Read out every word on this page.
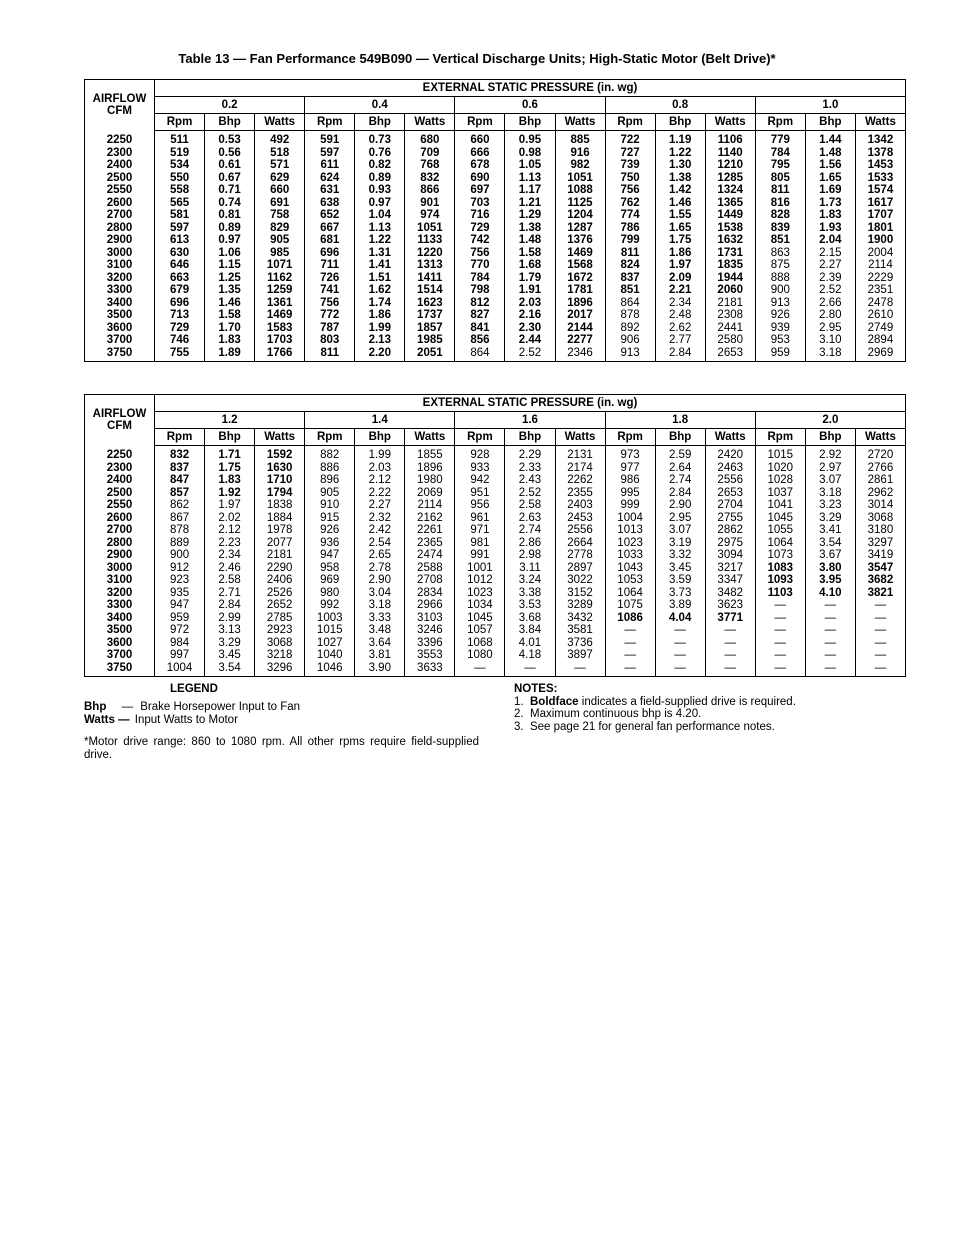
Table 13 — Fan Performance 549B090 — Vertical Discharge Units; High-Static Motor (Belt Drive)*
AIRFLOW
CFM	EXTERNAL STATIC PRESSURE (in. wg)														
	0.2			0.4			0.6			0.8			1.0		
	Rpm	Bhp	Watts	Rpm	Bhp	Watts	Rpm	Bhp	Watts	Rpm	Bhp	Watts	Rpm	Bhp	Watts
2250	511	0.53	492	591	0.73	680	660	0.95	885	722	1.19	1106	779	1.44	1342
2300	519	0.56	518	597	0.76	709	666	0.98	916	727	1.22	1140	784	1.48	1378
2400	534	0.61	571	611	0.82	768	678	1.05	982	739	1.30	1210	795	1.56	1453
2500	550	0.67	629	624	0.89	832	690	1.13	1051	750	1.38	1285	805	1.65	1533
2550	558	0.71	660	631	0.93	866	697	1.17	1088	756	1.42	1324	811	1.69	1574
2600	565	0.74	691	638	0.97	901	703	1.21	1125	762	1.46	1365	816	1.73	1617
2700	581	0.81	758	652	1.04	974	716	1.29	1204	774	1.55	1449	828	1.83	1707
2800	597	0.89	829	667	1.13	1051	729	1.38	1287	786	1.65	1538	839	1.93	1801
2900	613	0.97	905	681	1.22	1133	742	1.48	1376	799	1.75	1632	851	2.04	1900
3000	630	1.06	985	696	1.31	1220	756	1.58	1469	811	1.86	1731	863	2.15	2004
3100	646	1.15	1071	711	1.41	1313	770	1.68	1568	824	1.97	1835	875	2.27	2114
3200	663	1.25	1162	726	1.51	1411	784	1.79	1672	837	2.09	1944	888	2.39	2229
3300	679	1.35	1259	741	1.62	1514	798	1.91	1781	851	2.21	2060	900	2.52	2351
3400	696	1.46	1361	756	1.74	1623	812	2.03	1896	864	2.34	2181	913	2.66	2478
3500	713	1.58	1469	772	1.86	1737	827	2.16	2017	878	2.48	2308	926	2.80	2610
3600	729	1.70	1583	787	1.99	1857	841	2.30	2144	892	2.62	2441	939	2.95	2749
3700	746	1.83	1703	803	2.13	1985	856	2.44	2277	906	2.77	2580	953	3.10	2894
3750	755	1.89	1766	811	2.20	2051	864	2.52	2346	913	2.84	2653	959	3.18	2969
AIRFLOW
CFM	EXTERNAL STATIC PRESSURE (in. wg)														
	1.2			1.4			1.6			1.8			2.0		
	Rpm	Bhp	Watts	Rpm	Bhp	Watts	Rpm	Bhp	Watts	Rpm	Bhp	Watts	Rpm	Bhp	Watts
2250	832	1.71	1592	882	1.99	1855	928	2.29	2131	973	2.59	2420	1015	2.92	2720
2300	837	1.75	1630	886	2.03	1896	933	2.33	2174	977	2.64	2463	1020	2.97	2766
2400	847	1.83	1710	896	2.12	1980	942	2.43	2262	986	2.74	2556	1028	3.07	2861
2500	857	1.92	1794	905	2.22	2069	951	2.52	2355	995	2.84	2653	1037	3.18	2962
2550	862	1.97	1838	910	2.27	2114	956	2.58	2403	999	2.90	2704	1041	3.23	3014
2600	867	2.02	1884	915	2.32	2162	961	2.63	2453	1004	2.95	2755	1045	3.29	3068
2700	878	2.12	1978	926	2.42	2261	971	2.74	2556	1013	3.07	2862	1055	3.41	3180
2800	889	2.23	2077	936	2.54	2365	981	2.86	2664	1023	3.19	2975	1064	3.54	3297
2900	900	2.34	2181	947	2.65	2474	991	2.98	2778	1033	3.32	3094	1073	3.67	3419
3000	912	2.46	2290	958	2.78	2588	1001	3.11	2897	1043	3.45	3217	1083	3.80	3547
3100	923	2.58	2406	969	2.90	2708	1012	3.24	3022	1053	3.59	3347	1093	3.95	3682
3200	935	2.71	2526	980	3.04	2834	1023	3.38	3152	1064	3.73	3482	1103	4.10	3821
3300	947	2.84	2652	992	3.18	2966	1034	3.53	3289	1075	3.89	3623	—	—	—
3400	959	2.99	2785	1003	3.33	3103	1045	3.68	3432	1086	4.04	3771	—	—	—
3500	972	3.13	2923	1015	3.48	3246	1057	3.84	3581	—	—	—	—	—	—
3600	984	3.29	3068	1027	3.64	3396	1068	4.01	3736	—	—	—	—	—	—
3700	997	3.45	3218	1040	3.81	3553	1080	4.18	3897	—	—	—	—	—	—
3750	1004	3.54	3296	1046	3.90	3633	—	—	—	—	—	—	—	—	—
LEGEND
Bhp — Brake Horsepower Input to Fan
Watts — Input Watts to Motor
*Motor drive range: 860 to 1080 rpm. All other rpms require field-supplied drive.
NOTES:
1. Boldface indicates a field-supplied drive is required.
2. Maximum continuous bhp is 4.20.
3. See page 21 for general fan performance notes.
